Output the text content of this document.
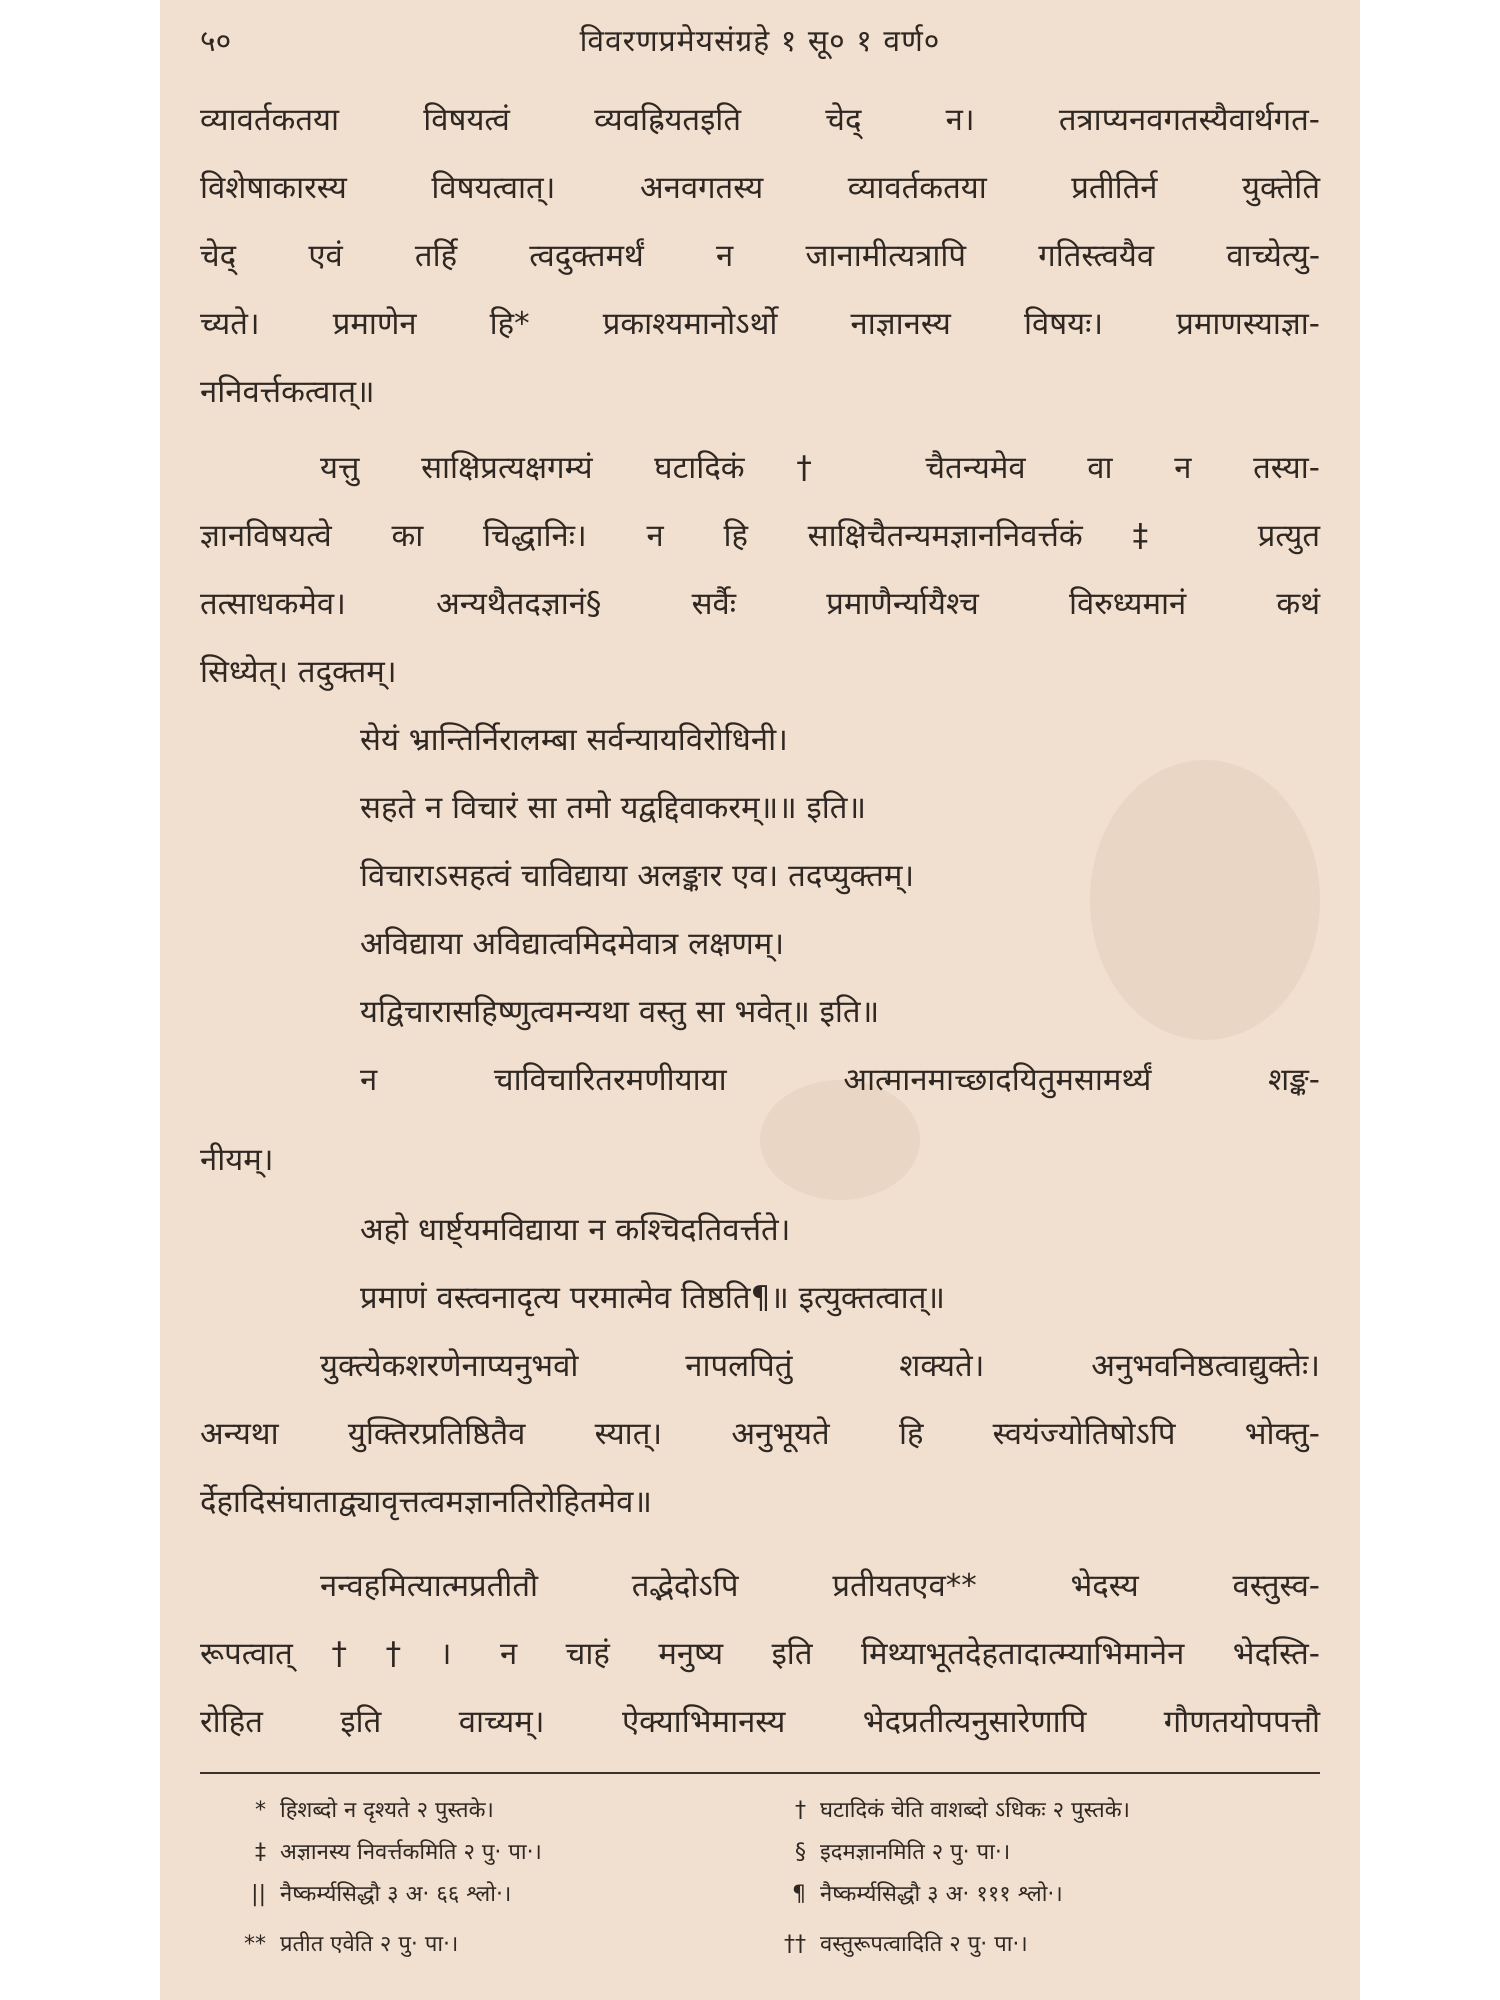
५०	विवरणप्रमेयसंग्रहे १ सू० १ वर्ण०
व्यावर्तकतया विषयत्वं व्यवह्रियतइति चेद् न। तत्राप्यनवगतस्यैवार्थगत-
विशेषाकारस्य विषयत्वात्। अनवगतस्य व्यावर्तकतया प्रतीतिर्न युक्तेति
चेद् एवं तर्हि त्वदुक्तमर्थं न जानामीत्यत्रापि गतिस्त्वयैव वाच्येत्यु-
च्यते। प्रमाणेन हि* प्रकाश्यमानोऽर्थो नाज्ञानस्य विषयः। प्रमाणस्याज्ञा-
ननिवर्त्तकत्वात्॥
यत्तु साक्षिप्रत्यक्षगम्यं घटादिकं† चैतन्यमेव वा न तस्या-
ज्ञानविषयत्वे का चिद्धानिः। न हि साक्षिचैतन्यमज्ञाननिवर्त्तकं‡ प्रत्युत
तत्साधकमेव। अन्यथैतदज्ञानं§ सर्वैः प्रमाणैर्न्यायैश्च विरुध्यमानं कथं
सिध्येत्। तदुक्तम्।
सेयं भ्रान्तिर्निरालम्बा सर्वन्यायविरोधिनी।
सहते न विचारं सा तमो यद्वद्दिवाकरम्॥॥ इति॥
विचाराऽसहत्वं चाविद्याया अलङ्कार एव। तदप्युक्तम्।
अविद्याया अविद्यात्वमिदमेवात्र लक्षणम्।
यद्विचारासहिष्णुत्वमन्यथा वस्तु सा भवेत्॥ इति॥
न चाविचारितरमणीयाया आत्मानमाच्छादयितुमसामर्थ्यं शङ्क-
नीयम्।
अहो धार्ष्ट्यमविद्याया न कश्चिदतिवर्त्तते।
प्रमाणं वस्त्वनादृत्य परमात्मेव तिष्ठति¶॥ इत्युक्तत्वात्॥
युक्त्येकशरणेनाप्यनुभवो नापलपितुं शक्यते। अनुभवनिष्ठत्वाद्युक्तेः।
अन्यथा युक्तिरप्रतिष्ठितैव स्यात्। अनुभूयते हि स्वयंज्योतिषोऽपि भोक्तु-
र्देहादिसंघाताद्व्यावृत्तत्वमज्ञानतिरोहितमेव॥
नन्वहमित्यात्मप्रतीतौ तद्भेदोऽपि प्रतीयतएव** भेदस्य वस्तुस्व-
रूपत्वात्††। न चाहं मनुष्य इति मिथ्याभूतदेहतादात्म्याभिमानेन भेदस्ति-
रोहित इति वाच्यम्। ऐक्याभिमानस्य भेदप्रतीत्यनुसारेणापि गौणतयोपपत्तौ
* हिशब्दो न दृश्यते २ पुस्तके।	† घटादिकं चेति वाशब्दो ऽधिकः २ पुस्तके।
‡ अज्ञानस्य निवर्त्तकमिति २ पु· पा·।	§ इदमज्ञानमिति २ पु· पा·।
|| नैष्कर्म्यसिद्धौ ३ अ· ६६ श्लो·।	¶ नैष्कर्म्यसिद्धौ ३ अ· १११ श्लो·।
** प्रतीत एवेति २ पु· पा·।	†† वस्तुरूपत्वादिति २ पु· पा·।
